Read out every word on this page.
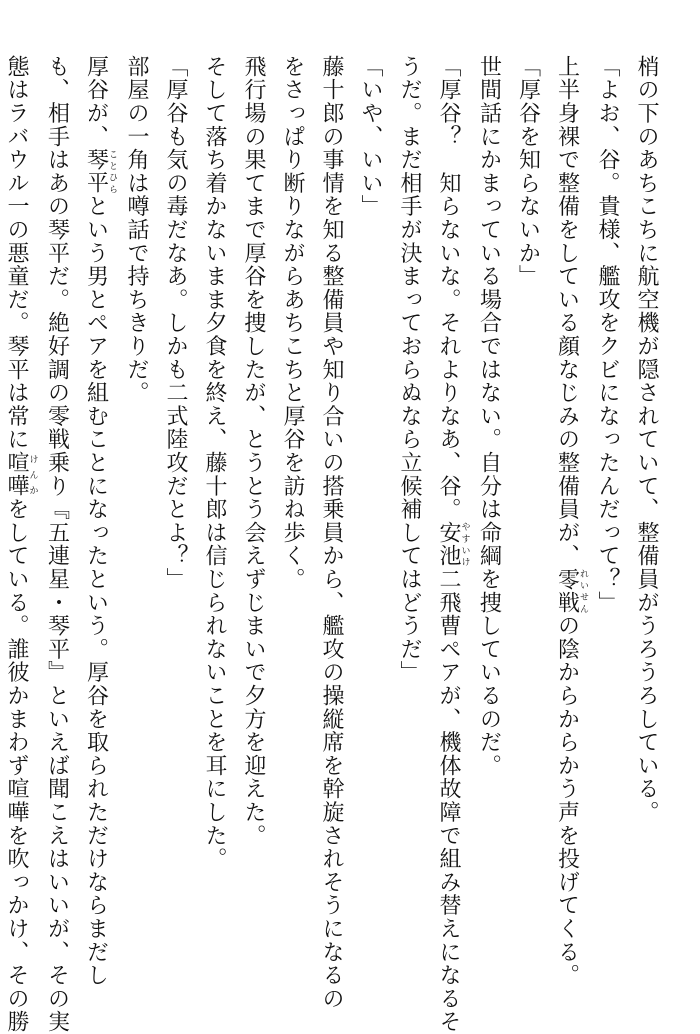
梢の下のあちこちに航空機が隠されていて、整備員がうろうろしている。

「よお、谷。貴様、艦攻をクビになったんだって？」

上半身裸で整備をしている顔なじみの整備員が、零戦れいせんの陰からからかう声を投げてくる。

「厚谷を知らないか」

世間話にかまっている場合ではない。自分は命綱を捜しているのだ。

「厚谷？　知らないな。それよりなあ、谷。安池やすいけ二飛曹ペアが、機体故障で組み替えになるそ

うだ。まだ相手が決まっておらぬなら立候補してはどうだ」

「いや、いい」

藤十郎の事情を知る整備員や知り合いの搭乗員から、艦攻の操縦席を幹旋されそうになるの

をさっぱり断りながらあちこちと厚谷を訪ね歩く。

飛行場の果てまで厚谷を捜したが、とうとう会えずじまいで夕方を迎えた。

そして落ち着かないまま夕食を終え、藤十郎は信じられないことを耳にした。

「厚谷も気の毒だなあ。しかも二式陸攻だとよ？」

部屋の一角は噂話で持ちきりだ。

厚谷が、琴平ことひらという男とペアを組むことになったという。厚谷を取られただけならまだし

も、相手はあの琴平だ。絶好調の零戦乗り『五連星・琴平』といえば聞こえはいいが、その実

態はラバウル一の悪童だ。琴平は常に喧嘩けんかをしている。誰彼かまわず喧嘩を吹っかけ、その勝
